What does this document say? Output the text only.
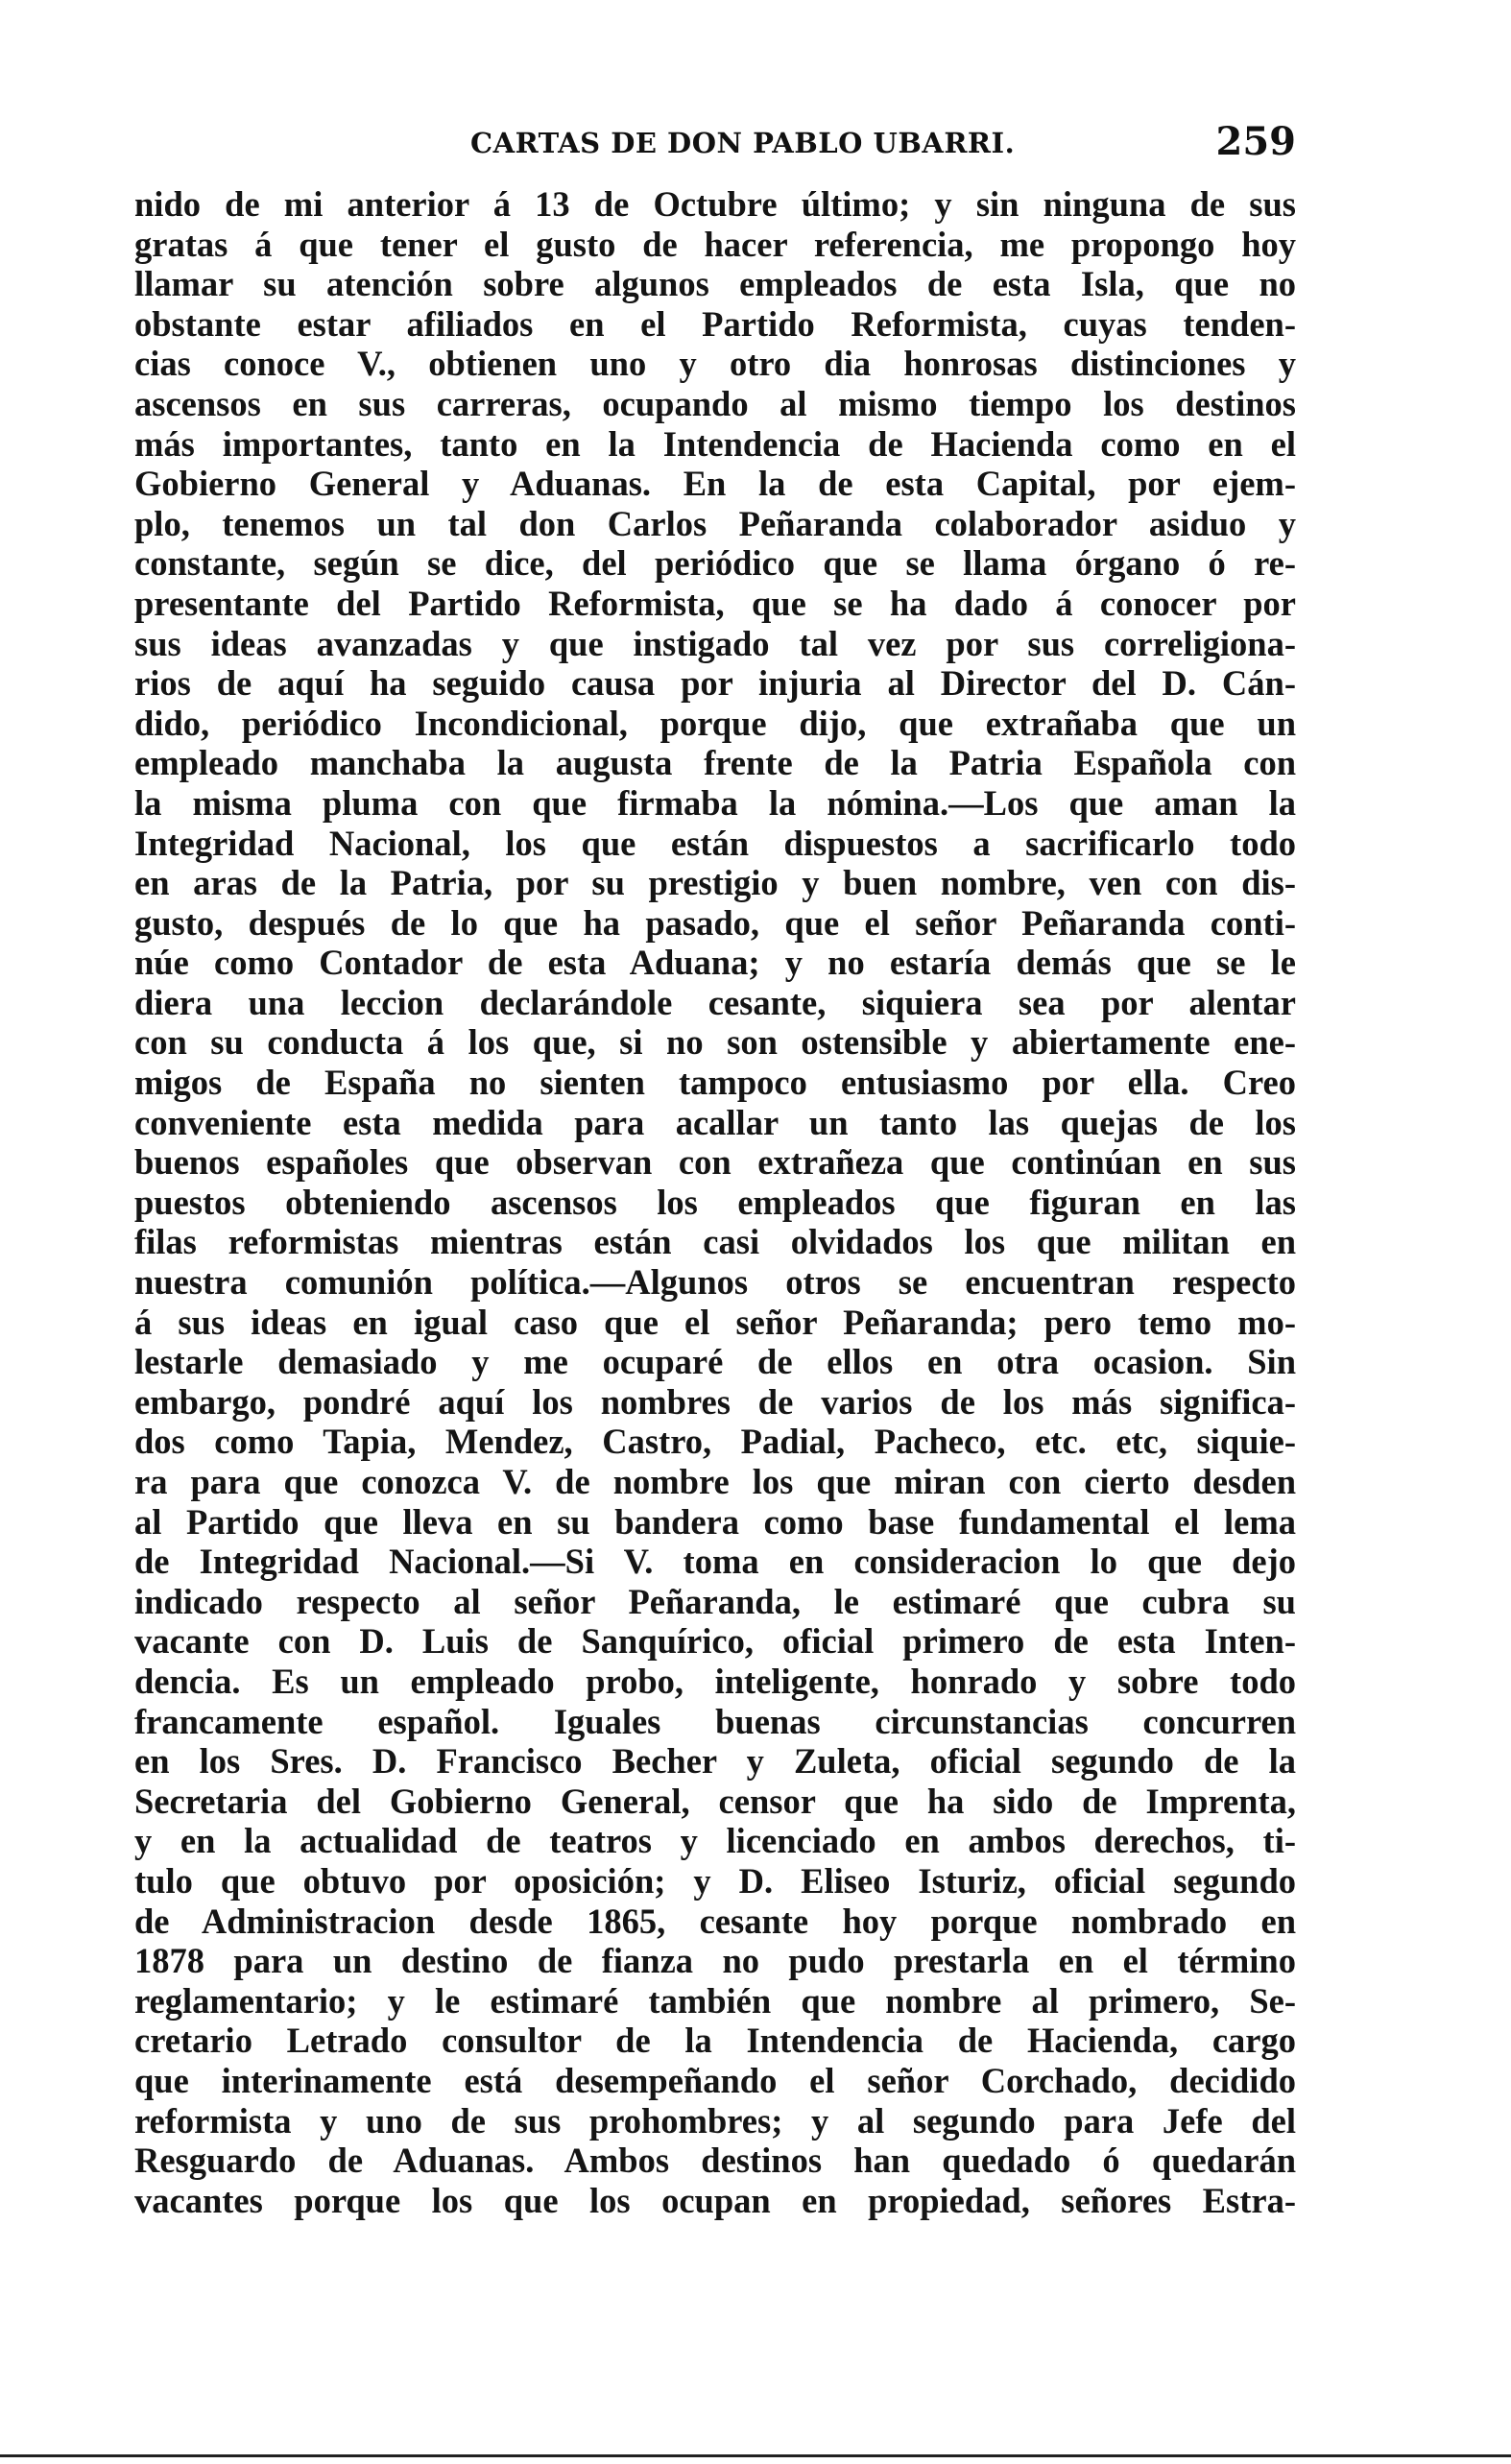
CARTAS DE DON PABLO UBARRI.	259
nido de mi anterior á 13 de Octubre último; y sin ninguna de sus
gratas á que tener el gusto de hacer referencia, me propongo hoy
llamar su atención sobre algunos empleados de esta Isla, que no
obstante estar afiliados en el Partido Reformista, cuyas tenden-
cias conoce V., obtienen uno y otro dia honrosas distinciones y
ascensos en sus carreras, ocupando al mismo tiempo los destinos
más importantes, tanto en la Intendencia de Hacienda como en el
Gobierno General y Aduanas. En la de esta Capital, por ejem-
plo, tenemos un tal don Carlos Peñaranda colaborador asiduo y
constante, según se dice, del periódico que se llama órgano ó re-
presentante del Partido Reformista, que se ha dado á conocer por
sus ideas avanzadas y que instigado tal vez por sus correligiona-
rios de aquí ha seguido causa por injuria al Director del D. Cán-
dido, periódico Incondicional, porque dijo, que extrañaba que un
empleado manchaba la augusta frente de la Patria Española con
la misma pluma con que firmaba la nómina.—Los que aman la
Integridad Nacional, los que están dispuestos a sacrificarlo todo
en aras de la Patria, por su prestigio y buen nombre, ven con dis-
gusto, después de lo que ha pasado, que el señor Peñaranda conti-
núe como Contador de esta Aduana; y no estaría demás que se le
diera una leccion declarándole cesante, siquiera sea por alentar
con su conducta á los que, si no son ostensible y abiertamente ene-
migos de España no sienten tampoco entusiasmo por ella. Creo
conveniente esta medida para acallar un tanto las quejas de los
buenos españoles que observan con extrañeza que continúan en sus
puestos obteniendo ascensos los empleados que figuran en las
filas reformistas mientras están casi olvidados los que militan en
nuestra comunión política.—Algunos otros se encuentran respecto
á sus ideas en igual caso que el señor Peñaranda; pero temo mo-
lestarle demasiado y me ocuparé de ellos en otra ocasion. Sin
embargo, pondré aquí los nombres de varios de los más significa-
dos como Tapia, Mendez, Castro, Padial, Pacheco, etc. etc, siquie-
ra para que conozca V. de nombre los que miran con cierto desden
al Partido que lleva en su bandera como base fundamental el lema
de Integridad Nacional.—Si V. toma en consideracion lo que dejo
indicado respecto al señor Peñaranda, le estimaré que cubra su
vacante con D. Luis de Sanquírico, oficial primero de esta Inten-
dencia. Es un empleado probo, inteligente, honrado y sobre todo
francamente español. Iguales buenas circunstancias concurren
en los Sres. D. Francisco Becher y Zuleta, oficial segundo de la
Secretaria del Gobierno General, censor que ha sido de Imprenta,
y en la actualidad de teatros y licenciado en ambos derechos, ti-
tulo que obtuvo por oposición; y D. Eliseo Isturiz, oficial segundo
de Administracion desde 1865, cesante hoy porque nombrado en
1878 para un destino de fianza no pudo prestarla en el término
reglamentario; y le estimaré también que nombre al primero, Se-
cretario Letrado consultor de la Intendencia de Hacienda, cargo
que interinamente está desempeñando el señor Corchado, decidido
reformista y uno de sus prohombres; y al segundo para Jefe del
Resguardo de Aduanas. Ambos destinos han quedado ó quedarán
vacantes porque los que los ocupan en propiedad, señores Estra-
